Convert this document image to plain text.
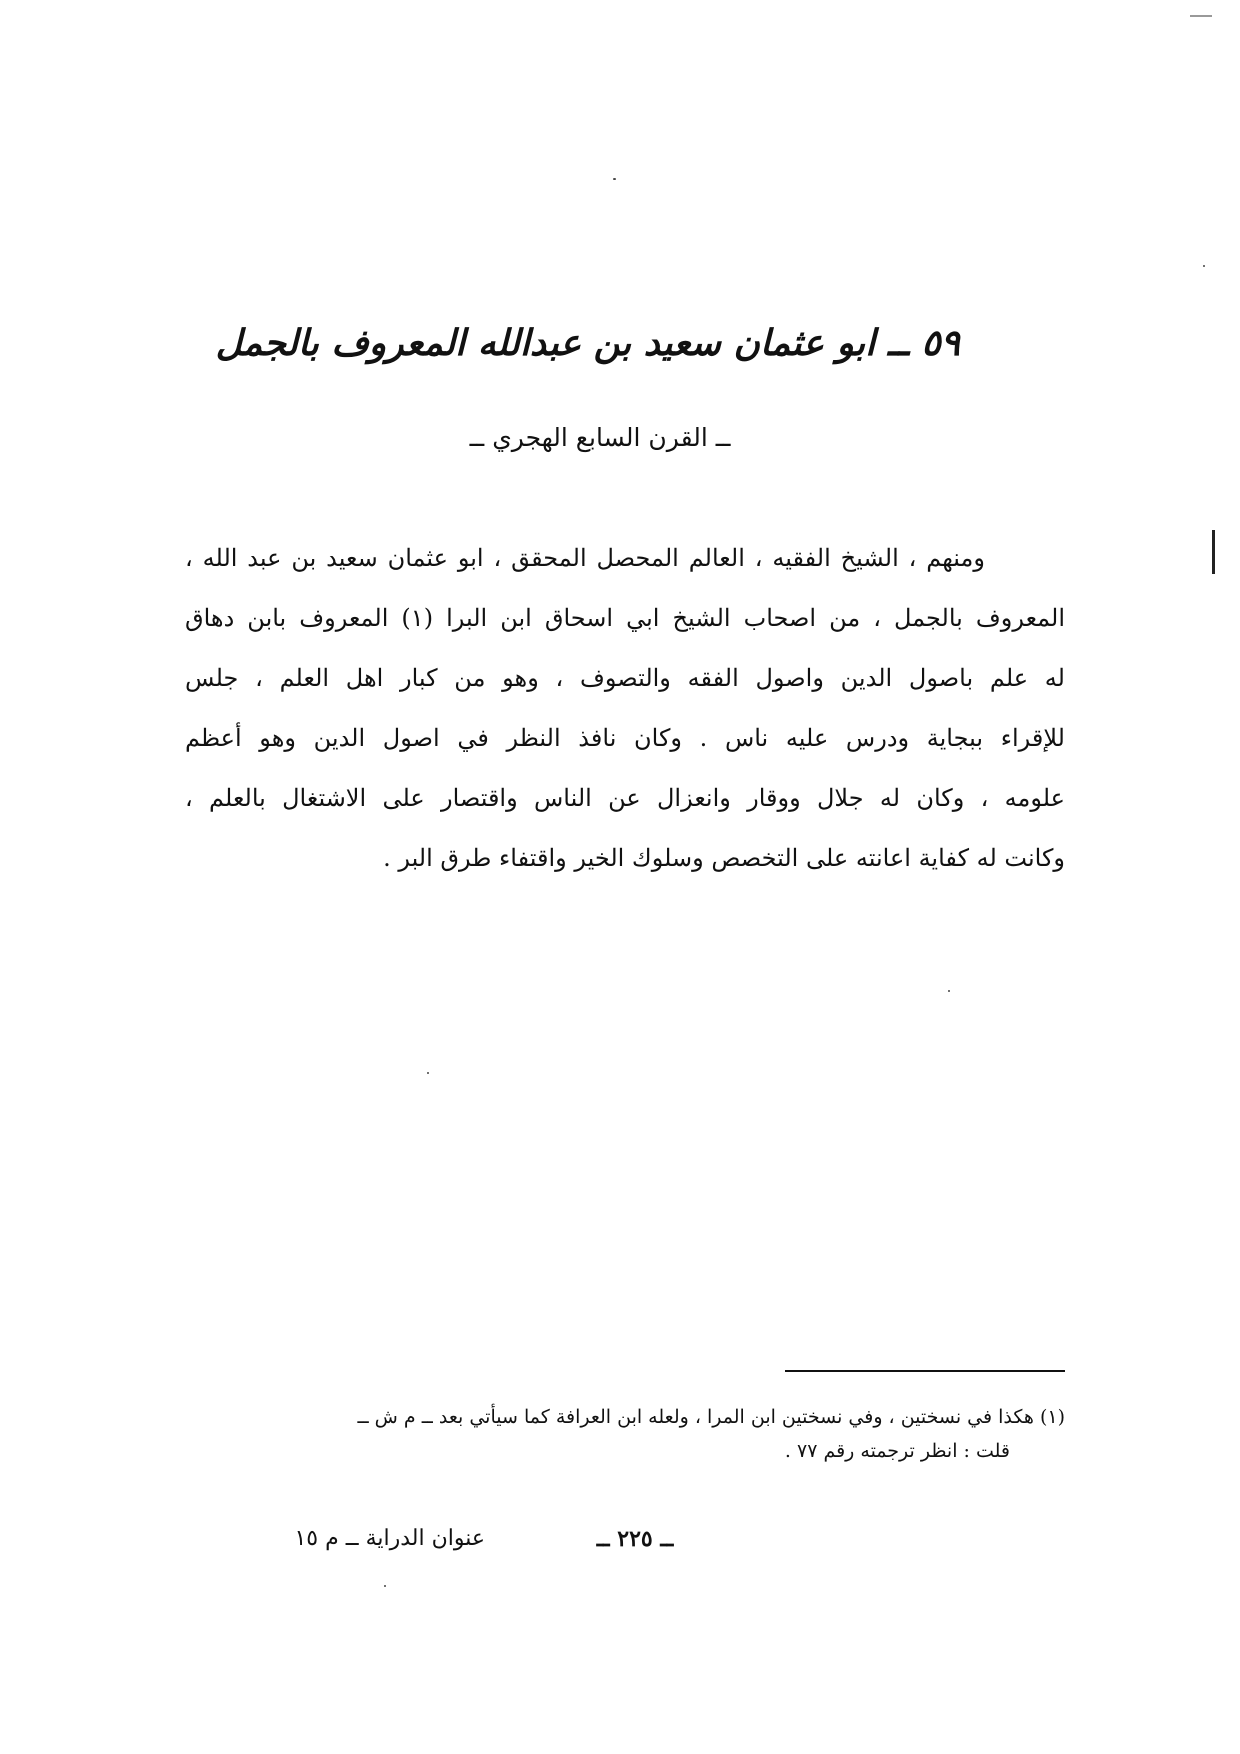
٥٩ ــ ابو عثمان سعيد بن عبدالله المعروف بالجمل
ــ القرن السابع الهجري ــ
ومنهم ، الشيخ الفقيه ، العالم المحصل المحقق ، ابو عثمان سعيد بن عبد الله ،
المعروف بالجمل ، من اصحاب الشيخ ابي اسحاق ابن البرا (١) المعروف بابن دهاق
له علم باصول الدين واصول الفقه والتصوف ، وهو من كبار اهل العلم ، جلس
للإقراء ببجاية ودرس عليه ناس . وكان نافذ النظر في اصول الدين وهو أعظم
علومه ، وكان له جلال ووقار وانعزال عن الناس واقتصار على الاشتغال بالعلم ،
وكانت له كفاية اعانته على التخصص وسلوك الخير واقتفاء طرق البر .
(١) هكذا في نسختين ، وفي نسختين ابن المرا ، ولعله ابن العرافة كما سيأتي بعد ــ م ش ــ
قلت : انظر ترجمته رقم ٧٧ .
ــ ٢٢٥ ــ
عنوان الدراية ــ م ١٥
